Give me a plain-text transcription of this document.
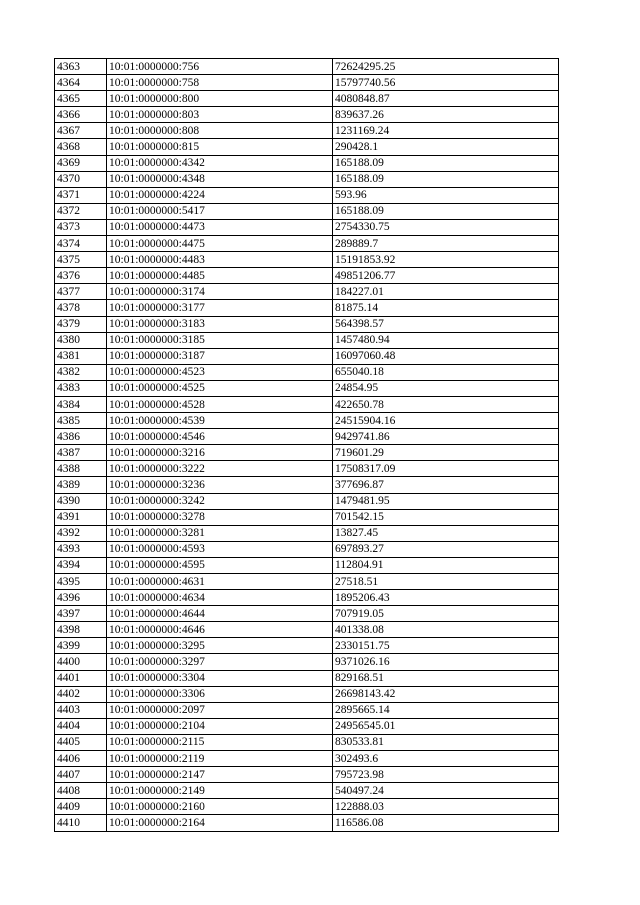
4363	10:01:0000000:756	72624295.25
4364	10:01:0000000:758	15797740.56
4365	10:01:0000000:800	4080848.87
4366	10:01:0000000:803	839637.26
4367	10:01:0000000:808	1231169.24
4368	10:01:0000000:815	290428.1
4369	10:01:0000000:4342	165188.09
4370	10:01:0000000:4348	165188.09
4371	10:01:0000000:4224	593.96
4372	10:01:0000000:5417	165188.09
4373	10:01:0000000:4473	2754330.75
4374	10:01:0000000:4475	289889.7
4375	10:01:0000000:4483	15191853.92
4376	10:01:0000000:4485	49851206.77
4377	10:01:0000000:3174	184227.01
4378	10:01:0000000:3177	81875.14
4379	10:01:0000000:3183	564398.57
4380	10:01:0000000:3185	1457480.94
4381	10:01:0000000:3187	16097060.48
4382	10:01:0000000:4523	655040.18
4383	10:01:0000000:4525	24854.95
4384	10:01:0000000:4528	422650.78
4385	10:01:0000000:4539	24515904.16
4386	10:01:0000000:4546	9429741.86
4387	10:01:0000000:3216	719601.29
4388	10:01:0000000:3222	17508317.09
4389	10:01:0000000:3236	377696.87
4390	10:01:0000000:3242	1479481.95
4391	10:01:0000000:3278	701542.15
4392	10:01:0000000:3281	13827.45
4393	10:01:0000000:4593	697893.27
4394	10:01:0000000:4595	112804.91
4395	10:01:0000000:4631	27518.51
4396	10:01:0000000:4634	1895206.43
4397	10:01:0000000:4644	707919.05
4398	10:01:0000000:4646	401338.08
4399	10:01:0000000:3295	2330151.75
4400	10:01:0000000:3297	9371026.16
4401	10:01:0000000:3304	829168.51
4402	10:01:0000000:3306	26698143.42
4403	10:01:0000000:2097	2895665.14
4404	10:01:0000000:2104	24956545.01
4405	10:01:0000000:2115	830533.81
4406	10:01:0000000:2119	302493.6
4407	10:01:0000000:2147	795723.98
4408	10:01:0000000:2149	540497.24
4409	10:01:0000000:2160	122888.03
4410	10:01:0000000:2164	116586.08
